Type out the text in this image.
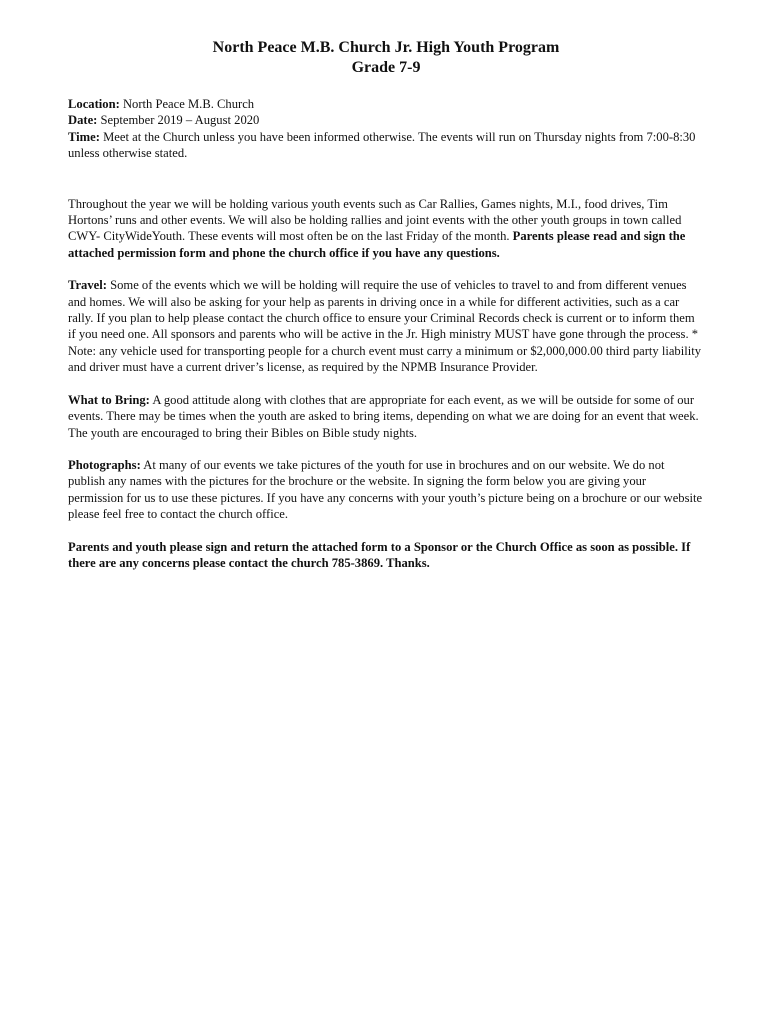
North Peace M.B. Church Jr. High Youth Program

Grade 7-9

Location: North Peace M.B. Church

Date: September 2019 – August 2020

Time: Meet at the Church unless you have been informed otherwise. The events will run on Thursday nights from 7:00-8:30 unless otherwise stated.

Throughout the year we will be holding various youth events such as Car Rallies, Games nights, M.I., food drives, Tim Hortons’ runs and other events. We will also be holding rallies and joint events with the other youth groups in town called CWY- CityWideYouth. These events will most often be on the last Friday of the month. Parents please read and sign the attached permission form and phone the church office if you have any questions.

Travel: Some of the events which we will be holding will require the use of vehicles to travel to and from different venues and homes. We will also be asking for your help as parents in driving once in a while for different activities, such as a car rally. If you plan to help please contact the church office to ensure your Criminal Records check is current or to inform them if you need one. All sponsors and parents who will be active in the Jr. High ministry MUST have gone through the process. * Note: any vehicle used for transporting people for a church event must carry a minimum or $2,000,000.00 third party liability and driver must have a current driver’s license, as required by the NPMB Insurance Provider.

What to Bring: A good attitude along with clothes that are appropriate for each event, as we will be outside for some of our events. There may be times when the youth are asked to bring items, depending on what we are doing for an event that week. The youth are encouraged to bring their Bibles on Bible study nights.

Photographs: At many of our events we take pictures of the youth for use in brochures and on our website. We do not publish any names with the pictures for the brochure or the website. In signing the form below you are giving your permission for us to use these pictures. If you have any concerns with your youth’s picture being on a brochure or our website please feel free to contact the church office.

Parents and youth please sign and return the attached form to a Sponsor or the Church Office as soon as possible. If there are any concerns please contact the church 785-3869. Thanks.
